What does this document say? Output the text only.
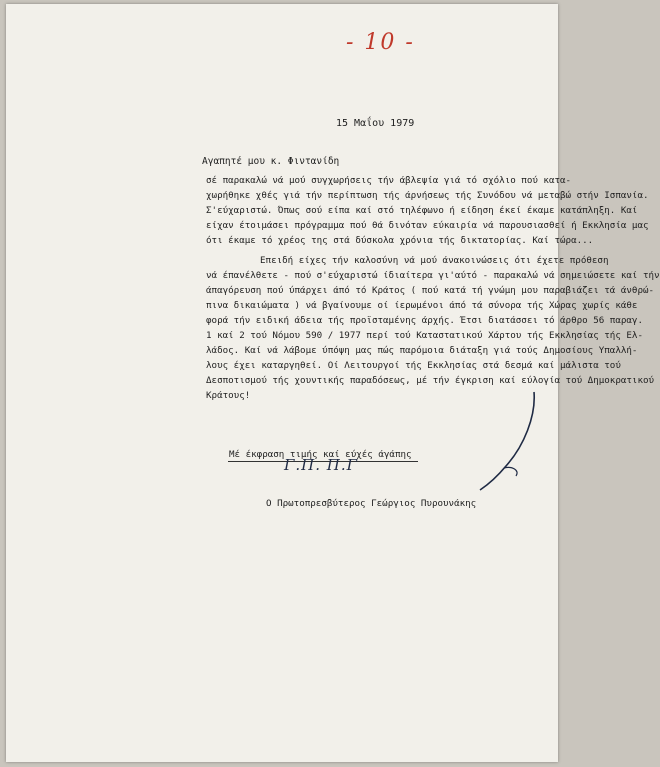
- 10 -
15 Μαΐου 1979
Αγαπητέ μου κ. Φιντανίδη
σέ παρακαλώ νά μού συγχωρήσεις τήν άβλεψία γιά τό σχόλιο πού κατα-
χωρήθηκε χθές γιά τήν περίπτωση τής άρνήσεως τής Συνόδου νά μεταβώ στήν Ισπανία.
Σ'εύχαριστώ. Όπως σού είπα καί στό τηλέφωνο ή είδηση έκεί έκαμε κατάπληξη. Καί
είχαν έτοιμάσει πρόγραμμα πού θά δινόταν εύκαιρία νά παρουσιασθεί ή Εκκλησία μας
ότι έκαμε τό χρέος της στά δύσκολα χρόνια τής δικτατορίας. Καί τώρα...
Επειδή είχες τήν καλοσύνη νά μού άνακοινώσεις ότι έχετε πρόθεση
νά έπανέλθετε - πού σ'εύχαριστώ ίδιαίτερα γι'αύτό - παρακαλώ νά σημειώσετε καί τήν
άπαγόρευση πού ύπάρχει άπό τό Κράτος ( πού κατά τή γνώμη μου παραβιάζει τά άνθρώ-
πινα δικαιώματα ) νά βγαίνουμε οί ίερωμένοι άπό τά σύνορα τής Χώρας χωρίς κάθε
φορά τήν ειδική άδεια τής προϊσταμένης άρχής. Έτσι διατάσσει τό άρθρο 56 παραγ.
1 καί 2 τού Νόμου 590 / 1977 περί τού Καταστατικού Χάρτου τής Εκκλησίας τής Ελ-
λάδος. Καί νά λάβομε ύπόψη μας πώς παρόμοια διάταξη γιά τούς Δημοσίους Υπαλλή-
λους έχει καταργηθεί. Οί Λειτουργοί τής Εκκλησίας στά δεσμά καί μάλιστα τού
Δεσποτισμού τής χουντικής παραδόσεως, μέ τήν έγκριση καί εύλογία τού Δημοκρατικού
Κράτους!
Μέ έκφραση τιμής καί εύχές άγάπης
Γ.Π. Π.Γ
Ο Πρωτοπρεσβύτερος Γεώργιος Πυρουνάκης
